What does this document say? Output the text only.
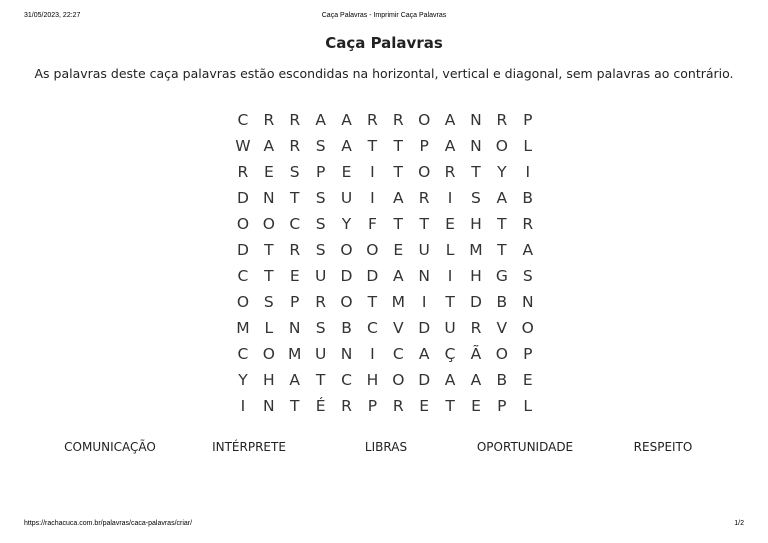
31/05/2023, 22:27	Caça Palavras - Imprimir Caça Palavras
Caça Palavras
As palavras deste caça palavras estão escondidas na horizontal, vertical e diagonal, sem palavras ao contrário.
C R R A A R R O A N R	P
W A R	S	A	T	T	P	A N O L
R	E	S	P	E	I	T O R	T	Y	I
D N T	S U	I	A R	I	S	A B
O O C	S	Y	F	T	T	E H T	R
D T	R	S O O E U	L M T	A
C	T	E U D D A N	I	H G S
O S	P	R O T M	I	T D B N
M L	N S	B C V D U R V O
C O M U N	I	C A Ç Ã O P
Y H A	T	C H O D A A B	E
I	N T	É	R	P	R	E	T	E	P	L
COMUNICAÇÃO	INTÉRPRETE	LIBRAS	OPORTUNIDADE	RESPEITO
https://rachacuca.com.br/palavras/caca-palavras/criar/	1/2
